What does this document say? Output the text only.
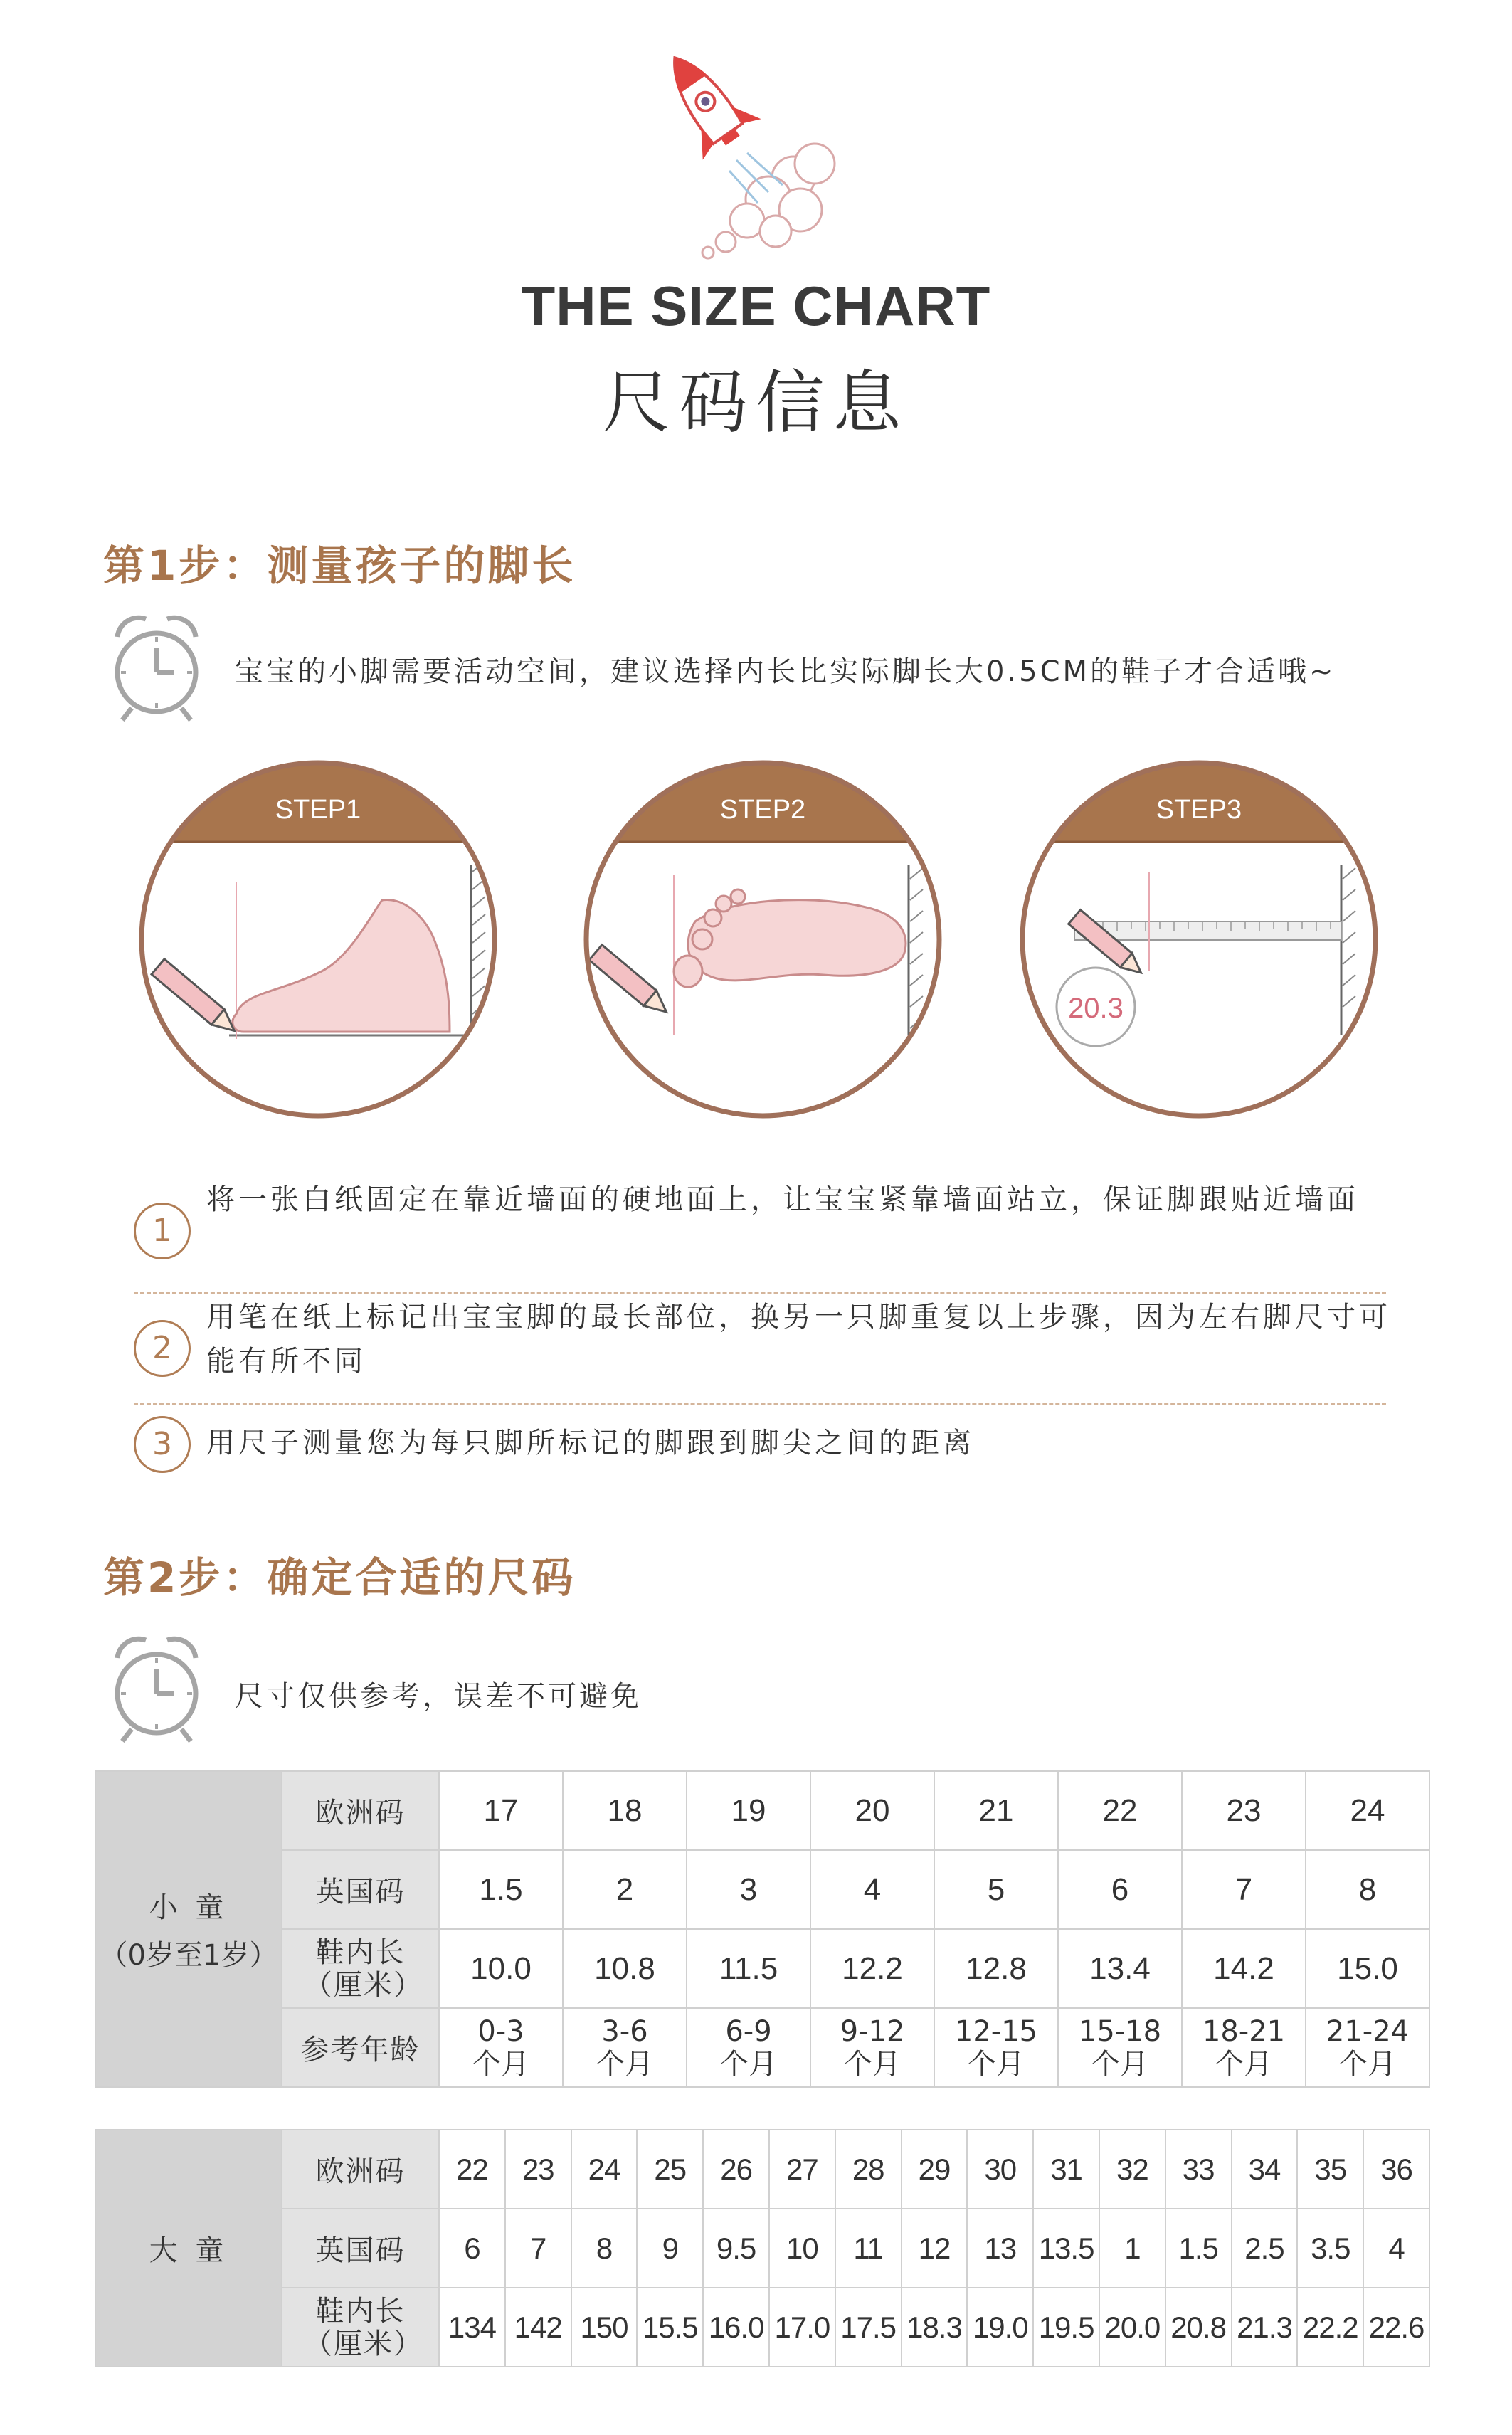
THE SIZE CHART
尺码信息
第1步：测量孩子的脚长
宝宝的小脚需要活动空间，建议选择内长比实际脚长大0.5CM的鞋子才合适哦~
STEP1	STEP2	STEP3
20.3
1
将一张白纸固定在靠近墙面的硬地面上，让宝宝紧靠墙面站立，保证脚跟贴近墙面
2
用笔在纸上标记出宝宝脚的最长部位，换另一只脚重复以上步骤，因为左右脚尺寸可能有所不同
3	用尺子测量您为每只脚所标记的脚跟到脚尖之间的距离
第2步：确定合适的尺码
尺寸仅供参考，误差不可避免
小 童
（0岁至1岁）	欧洲码	17	18	19	20	21	22	23	24
	英国码	1.5	2	3	4	5	6	7	8
	鞋内长（厘米）	10.0	10.8	11.5	12.2	12.8	13.4	14.2	15.0
	参考年龄	0-3个月	3-6个月	6-9个月	9-12个月	12-15个月	15-18个月	18-21个月	21-24个月
大 童	欧洲码	22	23	24	25	26	27	28	29	30	31	32	33	34	35	36
	英国码	6	7	8	9	9.5	10	11	12	13	13.5	1	1.5	2.5	3.5	4
	鞋内长（厘米）	134	142	150	15.5	16.0	17.0	17.5	18.3	19.0	19.5	20.0	20.8	21.3	22.2	22.6
